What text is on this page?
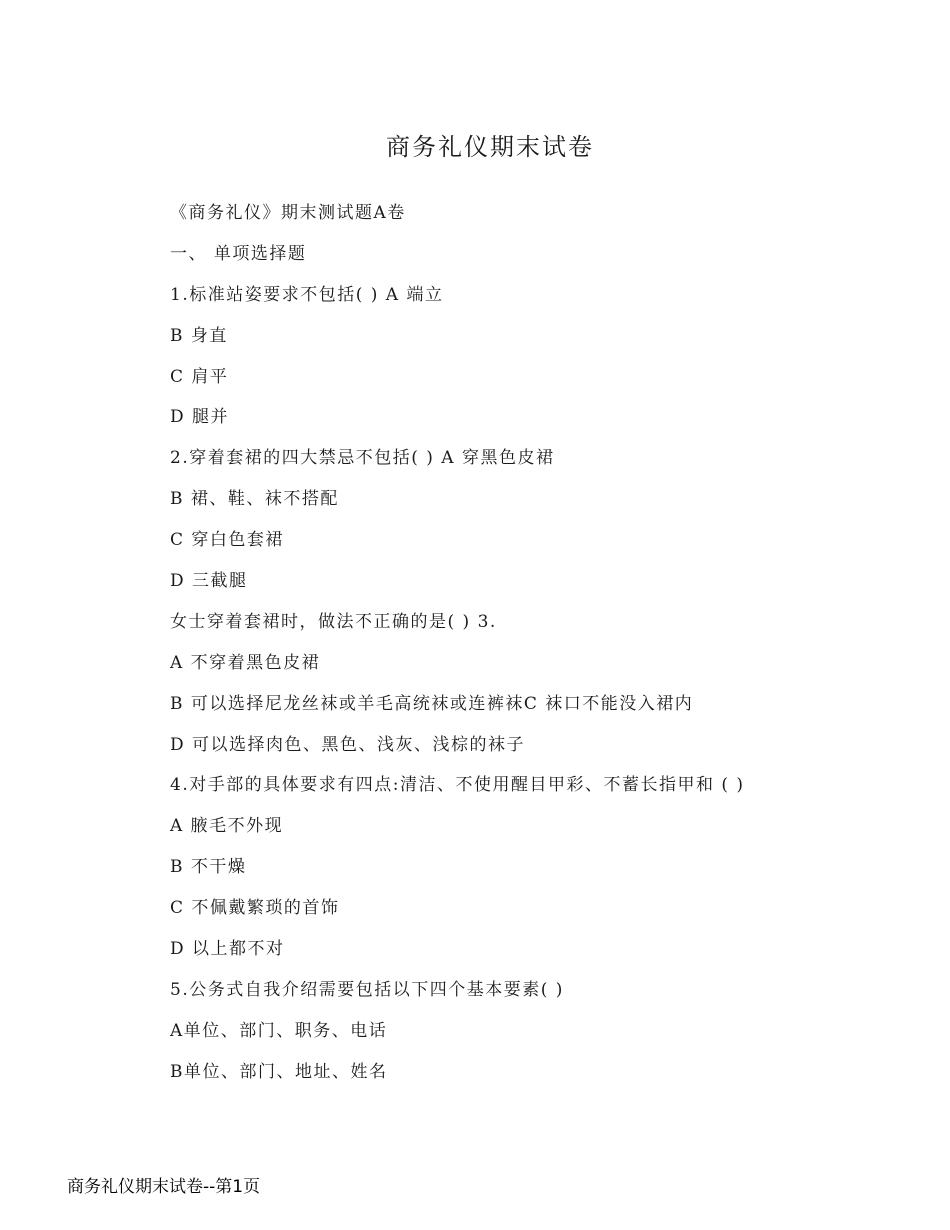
商务礼仪期末试卷

《商务礼仪》期末测试题A卷

一、 单项选择题

1.标准站姿要求不包括( ) A 端立

B 身直

C 肩平

D 腿并

2.穿着套裙的四大禁忌不包括( ) A 穿黑色皮裙

B 裙、鞋、袜不搭配

C 穿白色套裙

D 三截腿

女士穿着套裙时，做法不正确的是( ) 3.

A 不穿着黑色皮裙

B 可以选择尼龙丝袜或羊毛高统袜或连裤袜C 袜口不能没入裙内

D 可以选择肉色、黑色、浅灰、浅棕的袜子

4.对手部的具体要求有四点:清洁、不使用醒目甲彩、不蓄长指甲和 ( )

A 腋毛不外现

B 不干燥

C 不佩戴繁琐的首饰

D 以上都不对

5.公务式自我介绍需要包括以下四个基本要素( )

A单位、部门、职务、电话

B单位、部门、地址、姓名

商务礼仪期末试卷--第1页
